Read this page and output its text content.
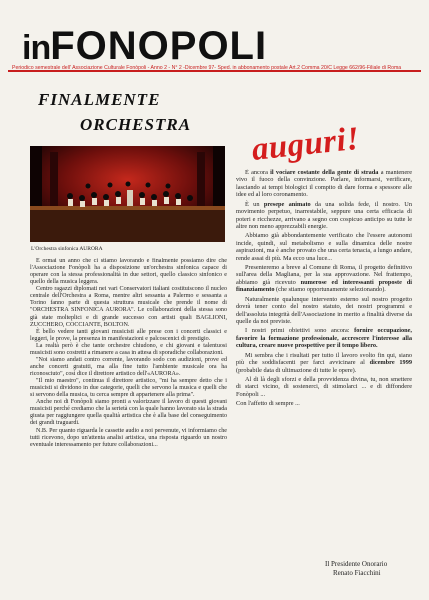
inFONOPOLI
Periodico semestrale dell' Associazione Culturale Fonòpoli - Anno 2 - N° 2 -Dicembre 97- Sped. in abbonamento postale Art.2 Comma 20/C Legge 662/96-Filiale di Roma
FINALMENTE
ORCHESTRA
L'Orchestra sinfonica AURORA

È ormai un anno che ci stiamo lavorando e finalmente possiamo dire che l'Associazione Fonòpoli ha a disposizione un'orchestra sinfonica capace di operare con la stessa professionalità in due settori, quello classico sinfonico e quello della musica leggera.

Centro ragazzi diplomati nei vari Conservatori italiani costituiscono il nucleo centrale dell'Orchestra a Roma, mentre altri sessanta a Palermo e sessanta a Torino fanno parte di questa struttura musicale che prende il nome di "ORCHESTRA SINFONICA AURORA". Le collaborazioni della stessa sono già state molteplici e di grande successo con artisti quali BAGLIONI, ZUCCHERO, COCCIANTE, BOLTON.

È bello vedere tanti giovani musicisti alle prese con i concerti classici e leggeri, le prove, la presenza in manifestazioni e palcoscenici di prestigio.

La realtà però è che tante orchestre chiudono, e chi giovani e talentuosi musicisti sono costretti a rimanere a casa in attesa di sporadiche collaborazioni.

"Noi siamo andati contro corrente, lavorando sodo con audizioni, prove ed anche concerti gratuiti, ma alla fine tutto l'ambiente musicale ora ha riconosciuto", così dice il direttore artistico dell'«AURORA».

"Il mio maestro", continua il direttore artistico, "mi ha sempre detto che i musicisti si dividono in due categorie, quelli che servono la musica e quelli che si servono della musica, tu cerca sempre di appartenere alla prima".

Anche noi di Fonòpoli siamo pronti a valorizzare il lavoro di questi giovani musicisti perché crediamo che la serietà con la quale hanno lavorato sia la strada giusta per raggiungere quella qualità artistica che è alla base del conseguimento dei grandi traguardi.

N.B. Per quanto riguarda le cassette audio a noi pervenute, vi informiamo che tutti ricevono, dopo un'attenta analisi artistica, una risposta riguardo un nostro eventuale interessamento per future collaborazioni...

auguri!

È ancora il vociare costante della gente di strada a mantenere vivo il fuoco della convinzione. Parlare, informarsi, verificare, lasciando ai tempi biologici il compito di dare forma e spessore alle idee ed al loro coronamento.

È un presepe animato da una solida fede, il nostro. Un movimento perpetuo, inarrestabile, seppure una certa efficacia di poteri e ricchezze, arrivano a segno con cospicuo anticipo su tutte le altre non meno apprezzabili energie.

Abbiamo già abbondantemente verificato che l'essere autonomi incide, quindi, sul metabolismo e sulla dinamica delle nostre aspirazioni, ma è anche provato che una certa tenacia, a lungo andare, rende assai di più. Ma ecco una luce...

Presenteremo a breve al Comune di Roma, il progetto definitivo sull'area della Magliana, per la sua approvazione. Nel frattempo, abbiamo già ricevuto numerose ed interessanti proposte di finanziamento (che stiamo opportunamente selezionando).

Naturalmente qualunque intervento esterno sul nostro progetto dovrà tener conto del nostro statuto, dei nostri programmi e dell'assoluta integrità dell'Associazione in merito a finalità diverse da quelle da noi previste.

I nostri primi obiettivi sono ancora: fornire occupazione, favorire la formazione professionale, accrescere l'interesse alla cultura, creare nuove prospettive per il tempo libero.

Mi sembra che i risultati per tutto il lavoro svolto fin qui, siano più che soddisfacenti per farci avvicinare al dicembre 1999 (probabile data di ultimazione di tutte le opere).

Al di là degli sforzi e della provvidenza divina, tu, non smettere di starci vicino, di sostenerci, di stimolarci ... e di diffondere Fonòpoli ...

Con l'affetto di sempre ...

Il Presidente Onorario
Renato Fiacchini
